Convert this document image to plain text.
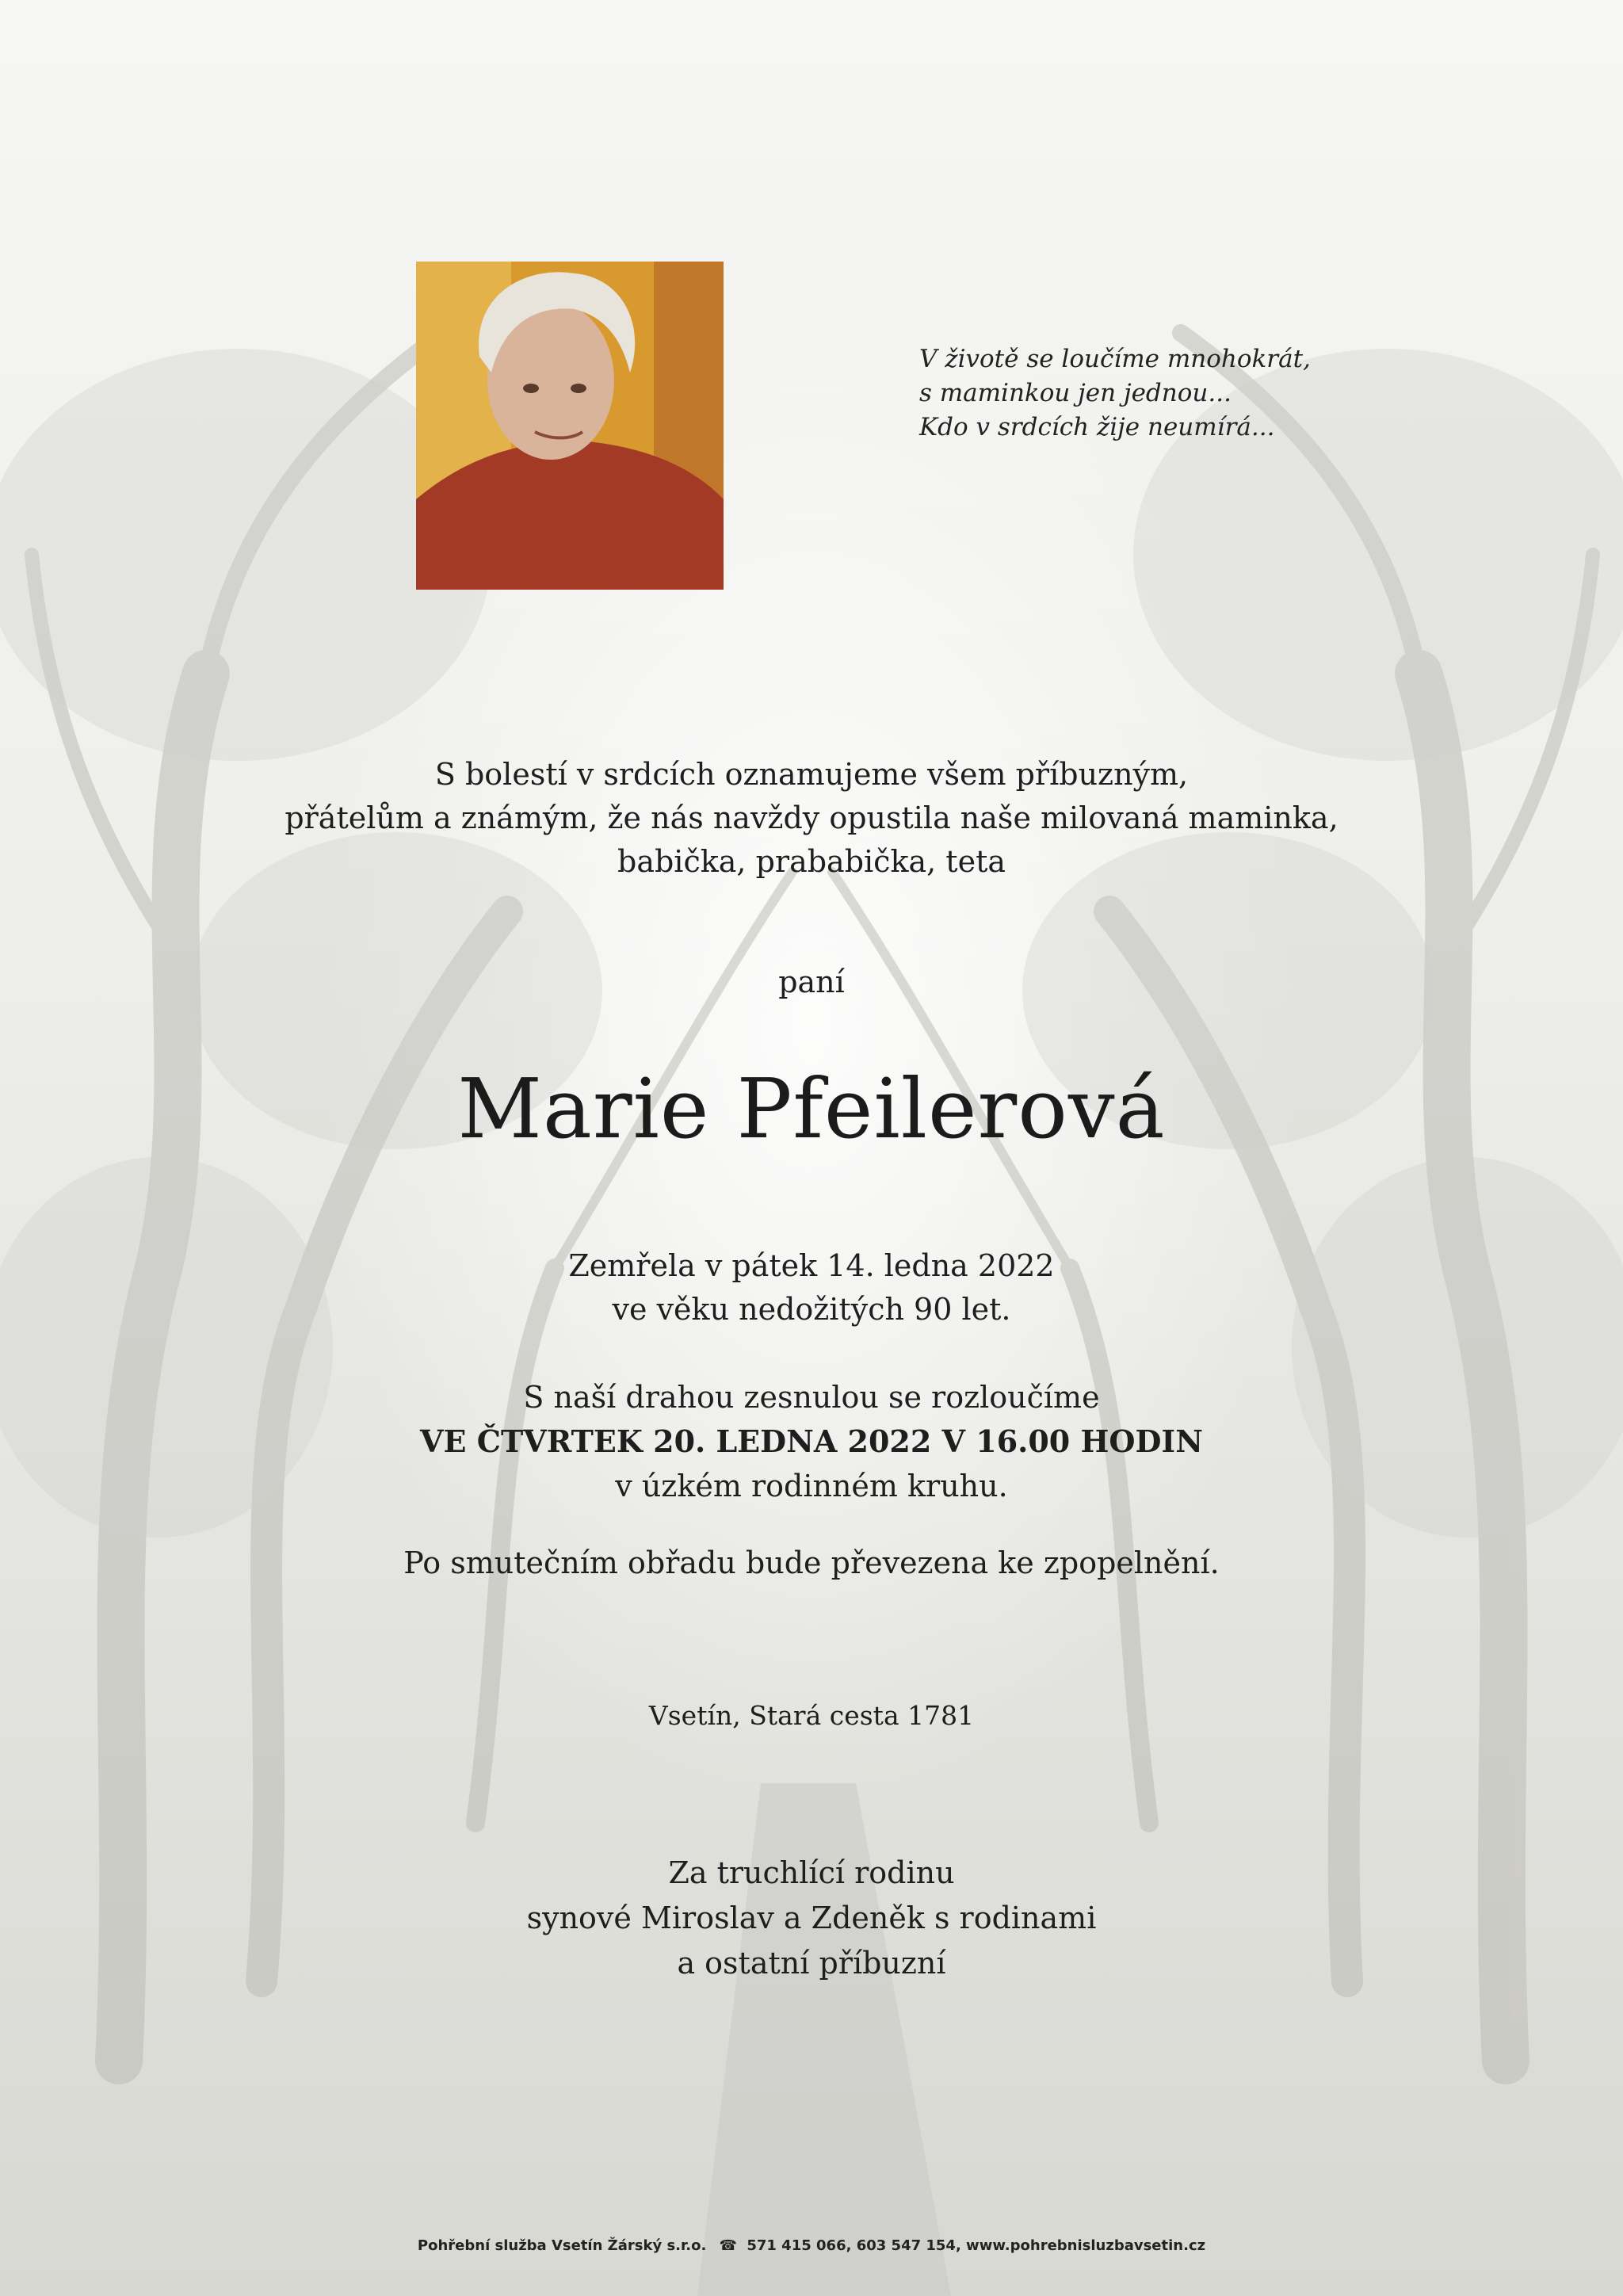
V životě se loučíme mnohokrát,
s maminkou jen jednou...
Kdo v srdcích žije neumírá...
S bolestí v srdcích oznamujeme všem příbuzným,
přátelům a známým, že nás navždy opustila naše milovaná maminka,
babička, prababička, teta
paní
Marie Pfeilerová
Zemřela v pátek 14. ledna 2022
ve věku nedožitých 90 let.
S naší drahou zesnulou se rozloučíme
VE ČTVRTEK 20. LEDNA 2022 V 16.00 HODIN
v úzkém rodinném kruhu.
Po smutečním obřadu bude převezena ke zpopelnění.
Vsetín, Stará cesta 1781
Za truchlící rodinu
synové Miroslav a Zdeněk s rodinami
a ostatní příbuzní
Pohřební služba Vsetín Žárský s.r.o. ☎ 571 415 066, 603 547 154, www.pohrebnisluzbavsetin.cz
